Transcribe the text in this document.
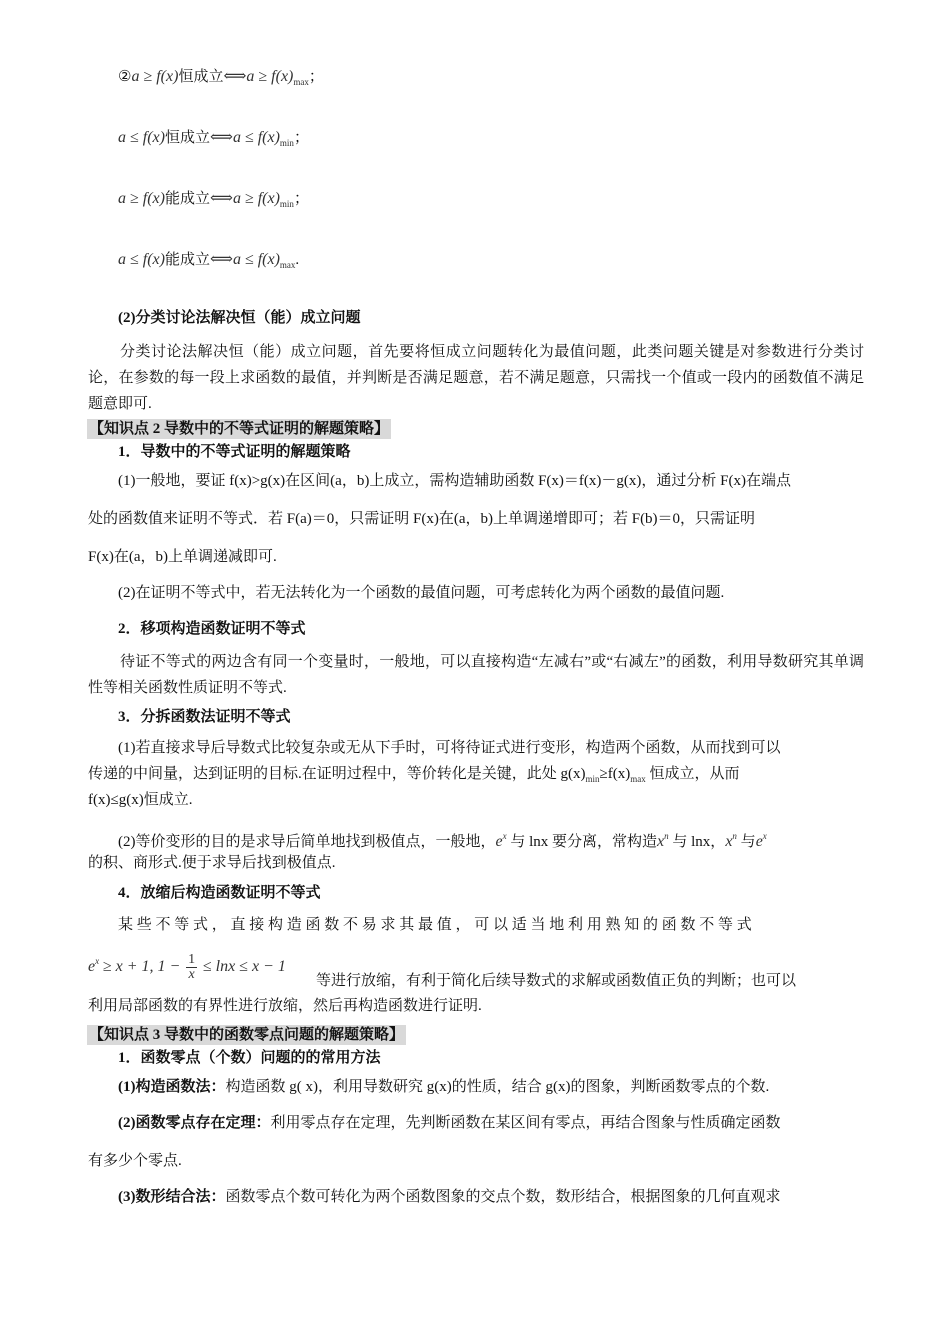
②a ≥ f(x)恒成立⟺a ≥ $f(x)_{max}$；
a ≤ f(x)恒成立⟺a ≤ $f(x)_{min}$；
a ≥ f(x)能成立⟺a ≥ $f(x)_{min}$；
a ≤ f(x)能成立⟺a ≤ $f(x)_{max}$.
(2)分类讨论法解决恒（能）成立问题
分类讨论法解决恒（能）成立问题，首先要将恒成立问题转化为最值问题，此类问题关键是对参数进行分类讨论，在参数的每一段上求函数的最值，并判断是否满足题意，若不满足题意，只需找一个值或一段内的函数值不满足题意即可.
【知识点 2 导数中的不等式证明的解题策略】
1．导数中的不等式证明的解题策略
(1)一般地，要证 f(x)>g(x)在区间(a，b)上成立，需构造辅助函数 F(x)＝f(x)－g(x)，通过分析 F(x)在端点
处的函数值来证明不等式．若 F(a)＝0，只需证明 F(x)在(a，b)上单调递增即可；若 F(b)＝0，只需证明
F(x)在(a，b)上单调递减即可.
(2)在证明不等式中，若无法转化为一个函数的最值问题，可考虑转化为两个函数的最值问题.
2．移项构造函数证明不等式
待证不等式的两边含有同一个变量时，一般地，可以直接构造“左减右”或“右减左”的函数，利用导数研究其单调性等相关函数性质证明不等式.
3．分拆函数法证明不等式
(1)若直接求导后导数式比较复杂或无从下手时，可将待证式进行变形，构造两个函数，从而找到可以
传递的中间量，达到证明的目标.在证明过程中，等价转化是关键，此处 $g(x)_{min}\ge f(x)_{max}$ 恒成立，从而
f(x)≤g(x)恒成立.
(2)等价变形的目的是求导后简单地找到极值点，一般地，$e^x$ 与 lnx 要分离，常构造$x^n$ 与 lnx，$x^n$ 与$e^x$
的积、商形式.便于求导后找到极值点.
4．放缩后构造函数证明不等式
某 些 不 等 式 ， 直 接 构 造 函 数 不 易 求 其 最 值 ， 可 以 适 当 地 利 用 熟 知 的 函 数 不 等 式
$e^x \ge x + 1$, $1 - \frac{1}{x} \le \ln x \le x - 1$
等进行放缩，有利于简化后续导数式的求解或函数值正负的判断；也可以
利用局部函数的有界性进行放缩，然后再构造函数进行证明.
【知识点 3 导数中的函数零点问题的解题策略】
1．函数零点（个数）问题的的常用方法
(1)构造函数法：构造函数 g( x)，利用导数研究 g(x)的性质，结合 g(x)的图象，判断函数零点的个数.
(2)函数零点存在定理：利用零点存在定理，先判断函数在某区间有零点，再结合图象与性质确定函数
有多少个零点.
(3)数形结合法：函数零点个数可转化为两个函数图象的交点个数，数形结合，根据图象的几何直观求
